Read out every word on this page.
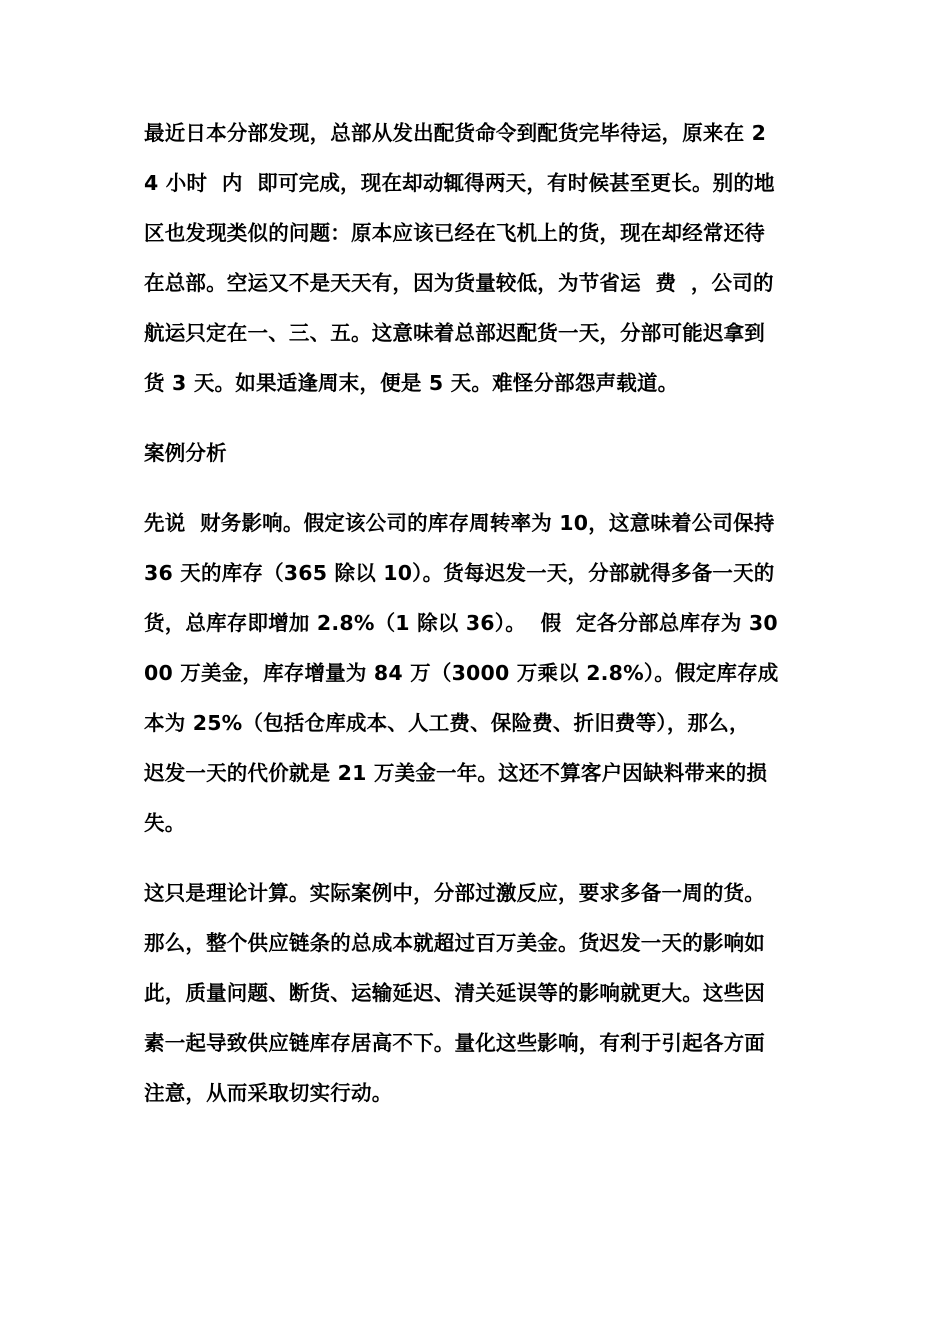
最近日本分部发现，总部从发出配货命令到配货完毕待运，原来在 2
4 小时  内  即可完成，现在却动辄得两天，有时候甚至更长。别的地
区也发现类似的问题：原本应该已经在飞机上的货，现在却经常还待
在总部。空运又不是天天有，因为货量较低，为节省运  费  ，公司的
航运只定在一、三、五。这意味着总部迟配货一天，分部可能迟拿到
货 3 天。如果适逢周末，便是 5 天。难怪分部怨声载道。

案例分析

先说  财务影响。假定该公司的库存周转率为 10，这意味着公司保持
36 天的库存（365 除以 10）。货每迟发一天，分部就得多备一天的
货，总库存即增加 2.8%（1 除以 36）。  假  定各分部总库存为 30
00 万美金，库存增量为 84 万（3000 万乘以 2.8%）。假定库存成
本为 25%（包括仓库成本、人工费、保险费、折旧费等），那么，
迟发一天的代价就是 21 万美金一年。这还不算客户因缺料带来的损
失。

这只是理论计算。实际案例中，分部过激反应，要求多备一周的货。
那么，整个供应链条的总成本就超过百万美金。货迟发一天的影响如
此，质量问题、断货、运输延迟、清关延误等的影响就更大。这些因
素一起导致供应链库存居高不下。量化这些影响，有利于引起各方面
注意，从而采取切实行动。
